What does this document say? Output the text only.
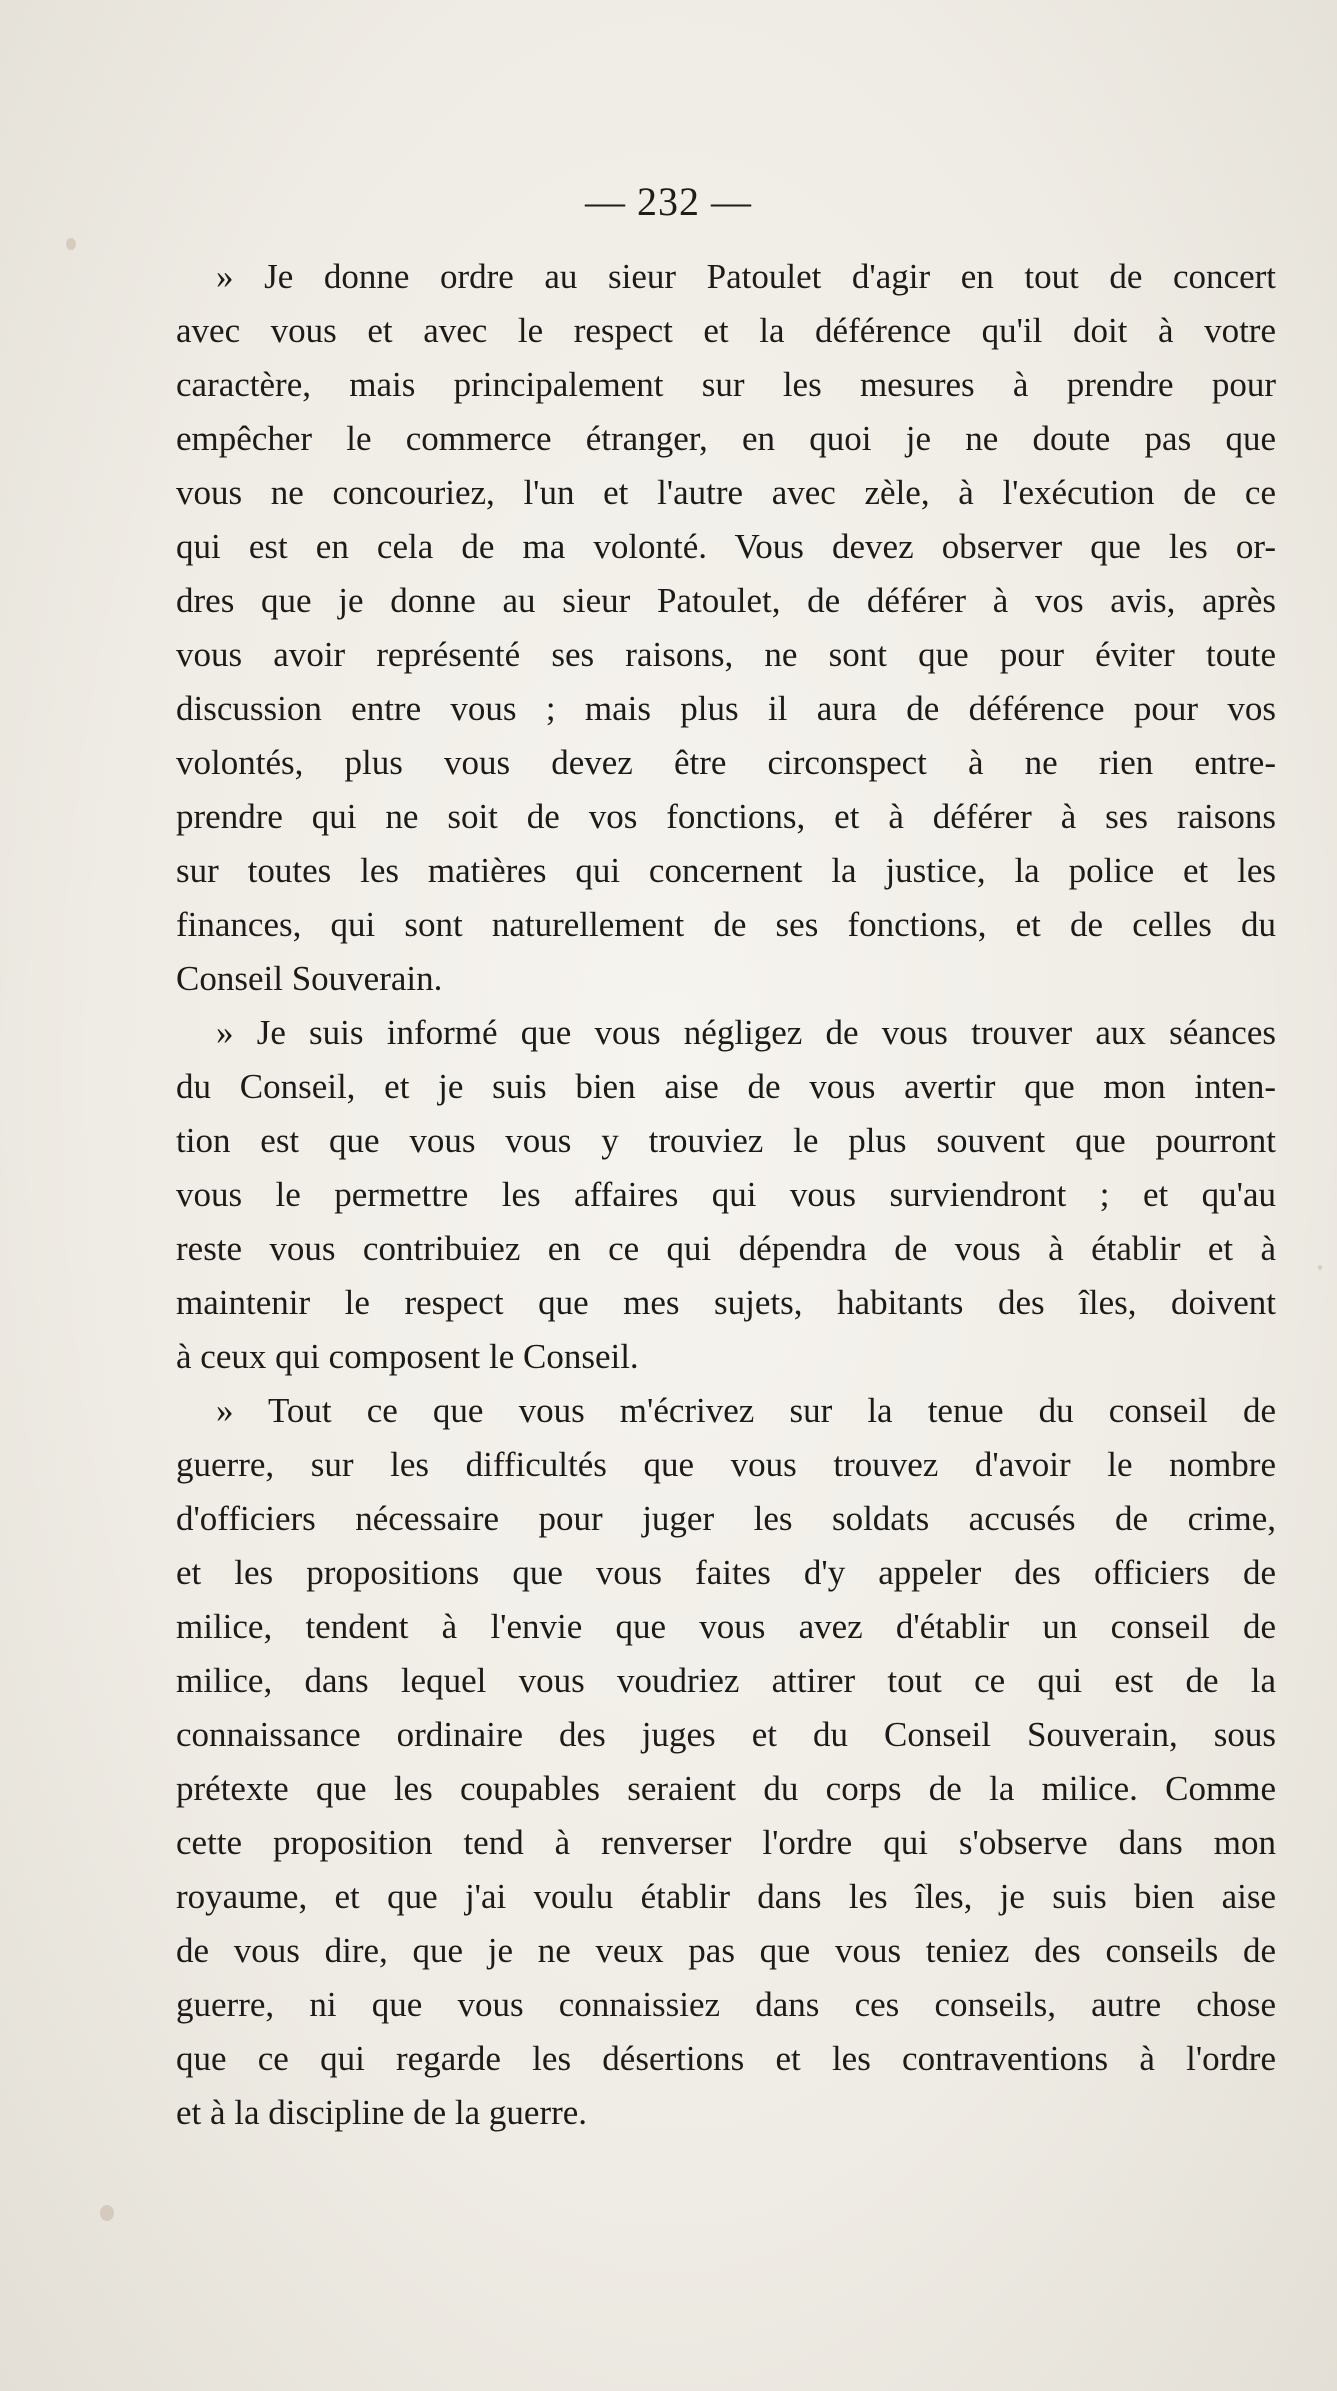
— 232 —
» Je donne ordre au sieur Patoulet d'agir en tout de concert
avec vous et avec le respect et la déférence qu'il doit à votre
caractère, mais principalement sur les mesures à prendre pour
empêcher le commerce étranger, en quoi je ne doute pas que
vous ne concouriez, l'un et l'autre avec zèle, à l'exécution de ce
qui est en cela de ma volonté. Vous devez observer que les or-
dres que je donne au sieur Patoulet, de déférer à vos avis, après
vous avoir représenté ses raisons, ne sont que pour éviter toute
discussion entre vous ; mais plus il aura de déférence pour vos
volontés, plus vous devez être circonspect à ne rien entre-
prendre qui ne soit de vos fonctions, et à déférer à ses raisons
sur toutes les matières qui concernent la justice, la police et les
finances, qui sont naturellement de ses fonctions, et de celles du
Conseil Souverain.
» Je suis informé que vous négligez de vous trouver aux séances
du Conseil, et je suis bien aise de vous avertir que mon inten-
tion est que vous vous y trouviez le plus souvent que pourront
vous le permettre les affaires qui vous surviendront ; et qu'au
reste vous contribuiez en ce qui dépendra de vous à établir et à
maintenir le respect que mes sujets, habitants des îles, doivent
à ceux qui composent le Conseil.
» Tout ce que vous m'écrivez sur la tenue du conseil de
guerre, sur les difficultés que vous trouvez d'avoir le nombre
d'officiers nécessaire pour juger les soldats accusés de crime,
et les propositions que vous faites d'y appeler des officiers de
milice, tendent à l'envie que vous avez d'établir un conseil de
milice, dans lequel vous voudriez attirer tout ce qui est de la
connaissance ordinaire des juges et du Conseil Souverain, sous
prétexte que les coupables seraient du corps de la milice. Comme
cette proposition tend à renverser l'ordre qui s'observe dans mon
royaume, et que j'ai voulu établir dans les îles, je suis bien aise
de vous dire, que je ne veux pas que vous teniez des conseils de
guerre, ni que vous connaissiez dans ces conseils, autre chose
que ce qui regarde les désertions et les contraventions à l'ordre
et à la discipline de la guerre.
